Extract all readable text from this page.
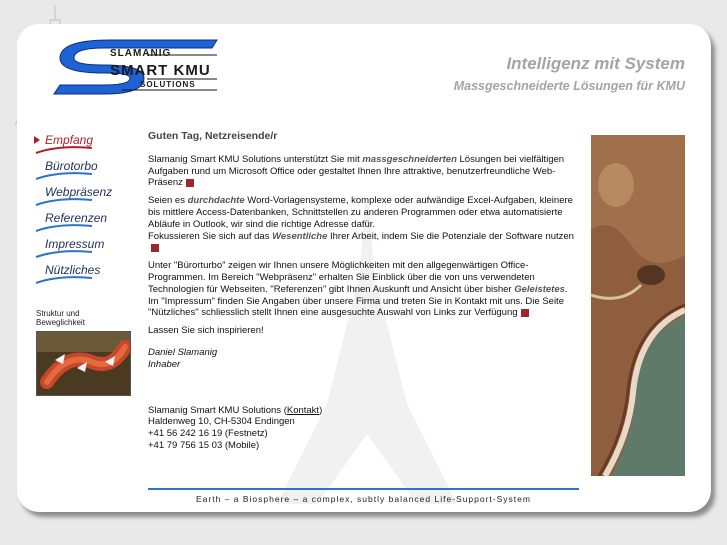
SLAMANIG
SMART KMU
SOLUTIONS
Intelligenz mit System
Massgeschneiderte Lösungen für KMU
Empfang
Bürotorbo
Webpräsenz
Referenzen
Impressum
Nützliches
Struktur und Beweglichkeit

Guten Tag, Netzreisende/r

Slamanig Smart KMU Solutions unterstützt Sie mit massgeschneiderten Lösungen bei vielfältigen Aufgaben rund um Microsoft Office oder gestaltet Ihnen Ihre attraktive, benutzerfreundliche Web-Präsenz

Seien es durchdachte Word-Vorlagensysteme, komplexe oder aufwändige Excel-Aufgaben, kleinere bis mittlere Access-Datenbanken, Schnittstellen zu anderen Programmen oder etwa automatisierte Abläufe in Outlook, wir sind die richtige Adresse dafür.
Fokussieren Sie sich auf das Wesentliche Ihrer Arbeit, indem Sie die Potenziale der Software nutzen

Unter "Bürorturbo" zeigen wir Ihnen unsere Möglichkeiten mit den allgegenwärtigen Office-Programmen. Im Bereich "Webpräsenz" erhalten Sie Einblick über die von uns verwendeten Technologien für Webseiten. "Referenzen" gibt Ihnen Auskunft und Ansicht über bisher Geleistetes. Im "Impressum" finden Sie Angaben über unsere Firma und treten Sie in Kontakt mit uns. Die Seite "Nützliches" schliesslich stellt Ihnen eine ausgesuchte Auswahl von Links zur Verfügung

Lassen Sie sich inspirieren!

Daniel Slamanig
Inhaber
Slamanig Smart KMU Solutions (Kontakt)
Haldenweg 10, CH-5304 Endingen
+41 56 242 16 19 (Festnetz)
+41 79 756 15 03 (Mobile)
Earth – a Biosphere – a complex, subtly balanced Life-Support-System
